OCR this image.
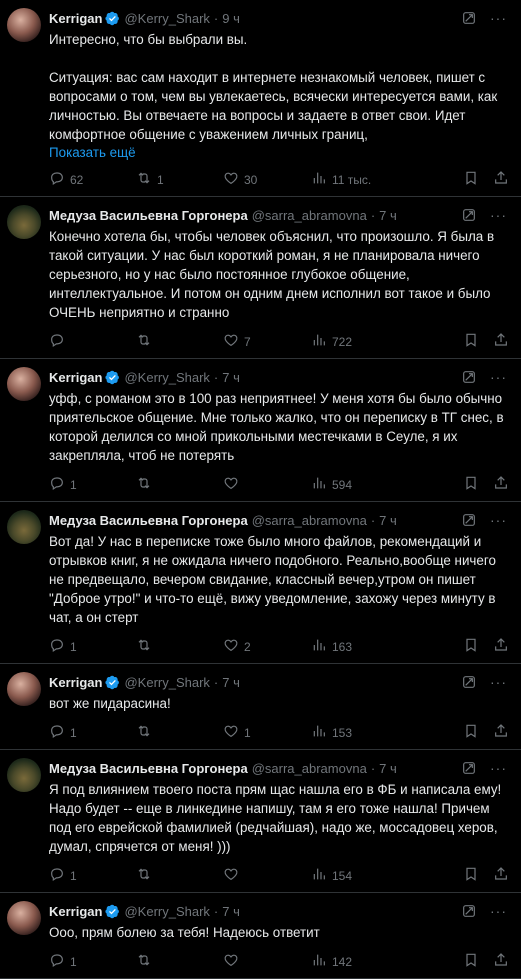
···
Kerrigan @Kerry_Shark · 9 ч
Интересно, что бы выбрали вы.

Ситуация: вас сам находит в интернете незнакомый человек, пишет с вопросами о том, чем вы увлекаетесь, всячески интересуется вами, как личностью. Вы отвечаете на вопросы и задаете в ответ свои. Идет комфортное общение с уважением личных границ,
Показать ещё
62	1	30	11 тыс.
···
Медуза Васильевна Горгонера @sarra_abramovna · 7 ч
Конечно хотела бы, чтобы человек объяснил, что произошло. Я была в такой ситуации. У нас был короткий роман, я не планировала ничего серьезного, но у нас было постоянное глубокое общение, интеллектуальное. И потом он одним днем исполнил вот такое и было ОЧЕНЬ неприятно и странно
7	722
···
Kerrigan @Kerry_Shark · 7 ч
уфф, с романом это в 100 раз неприятнее! У меня хотя бы было обычно приятельское общение. Мне только жалко, что он переписку в ТГ снес, в которой делился со мной прикольными местечками в Сеуле, я их закрепляла, чтоб не потерять
1	594
···
Медуза Васильевна Горгонера @sarra_abramovna · 7 ч
Вот да! У нас в переписке тоже было много файлов, рекомендаций и отрывков книг, я не ожидала ничего подобного. Реально,вообще ничего не предвещало, вечером свидание, классный вечер,утром он пишет "Доброе утро!" и что-то ещё, вижу уведомление, захожу через минуту в чат, а он стерт
1	2	163
···
Kerrigan @Kerry_Shark · 7 ч
вот же пидарасина!
1	1	153
···
Медуза Васильевна Горгонера @sarra_abramovna · 7 ч
Я под влиянием твоего поста прям щас нашла его в ФБ и написала ему! Надо будет -- еще в линкедине напишу, там я его тоже нашла! Причем под его еврейской фамилией (редчайшая), надо же, моссадовец херов, думал, спрячется от меня! )))
1	154
···
Kerrigan @Kerry_Shark · 7 ч
Ооо, прям болею за тебя! Надеюсь ответит
1	142
